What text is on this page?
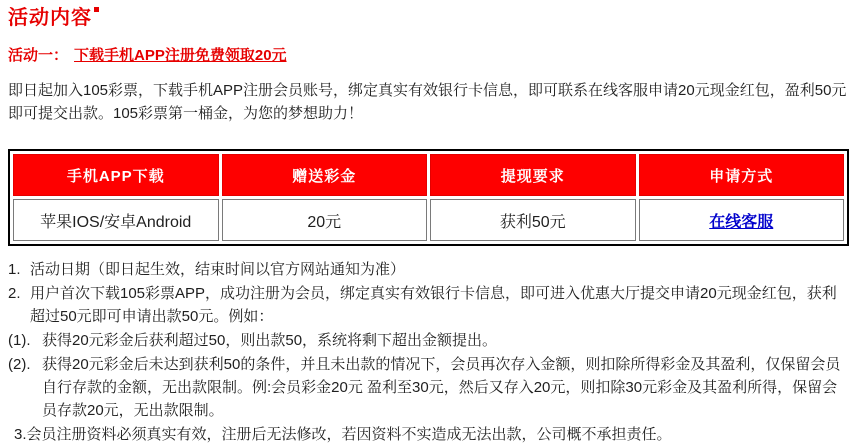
活动内容
活动一： 下载手机APP注册免费领取20元
即日起加入105彩票，下载手机APP注册会员账号，绑定真实有效银行卡信息，即可联系在线客服申请20元现金红包，盈利50元即可提交出款。105彩票第一桶金，为您的梦想助力！
手机APP下载	赠送彩金	提现要求	申请方式
苹果IOS/安卓Android	20元	获利50元	在线客服
1. 活动日期（即日起生效，结束时间以官方网站通知为准）
2. 用户首次下载105彩票APP，成功注册为会员，绑定真实有效银行卡信息，即可进入优惠大厅提交申请20元现金红包，获利超过50元即可申请出款50元。例如：
(1). 获得20元彩金后获利超过50，则出款50，系统将剩下超出金额提出。
(2). 获得20元彩金后未达到获利50的条件，并且未出款的情况下，会员再次存入金额，则扣除所得彩金及其盈利，仅保留会员自行存款的金额，无出款限制。例:会员彩金20元 盈利至30元，然后又存入20元，则扣除30元彩金及其盈利所得，保留会员存款20元，无出款限制。
3. 会员注册资料必须真实有效，注册后无法修改，若因资料不实造成无法出款，公司概不承担责任。
